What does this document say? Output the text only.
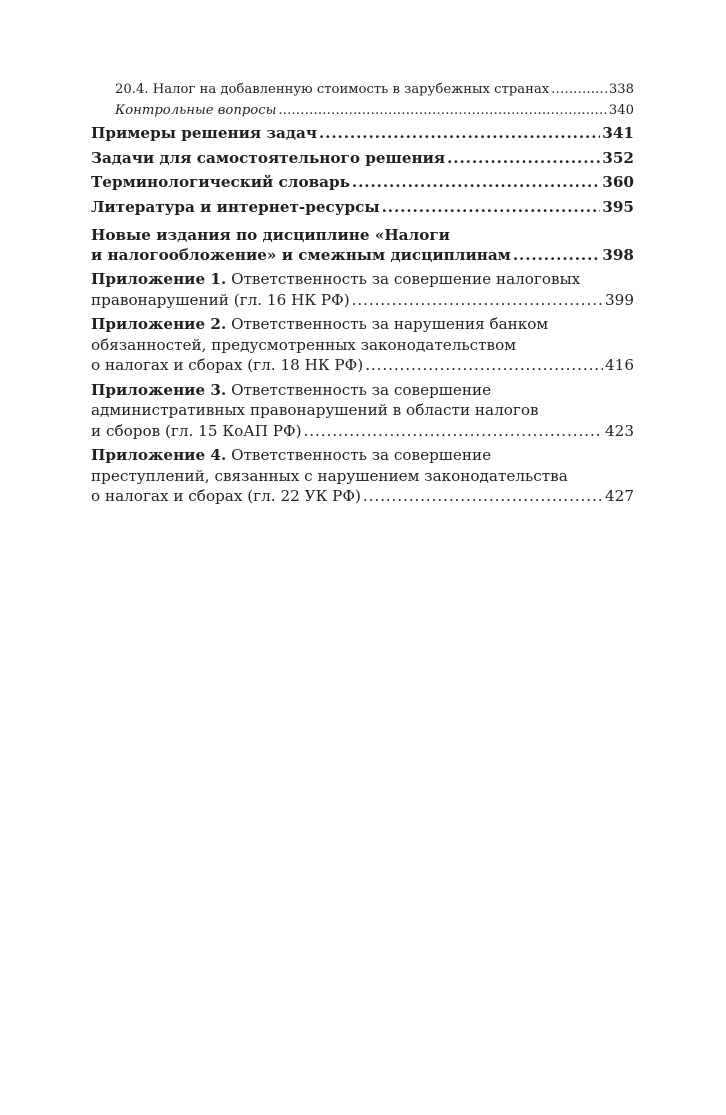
20.4. Налог на добавленную стоимость в зарубежных странах .....	338
Контрольные вопросы .....	340
Примеры решения задач .....	341
Задачи для самостоятельного решения .....	352
Терминологический словарь .....	360
Литература и интернет-ресурсы .....	395
Новые издания по дисциплине «Налоги
и налогообложение» и смежным дисциплинам .....	398
Приложение 1. Ответственность за совершение налоговых
правонарушений (гл. 16 НК РФ) .....	399
Приложение 2. Ответственность за нарушения банком
обязанностей, предусмотренных законодательством
о налогах и сборах (гл. 18 НК РФ) .....	416
Приложение 3. Ответственность за совершение
административных правонарушений в области налогов
и сборов (гл. 15 КоАП РФ) .....	423
Приложение 4. Ответственность за совершение
преступлений, связанных с нарушением законодательства
о налогах и сборах (гл. 22 УК РФ) .....	427
